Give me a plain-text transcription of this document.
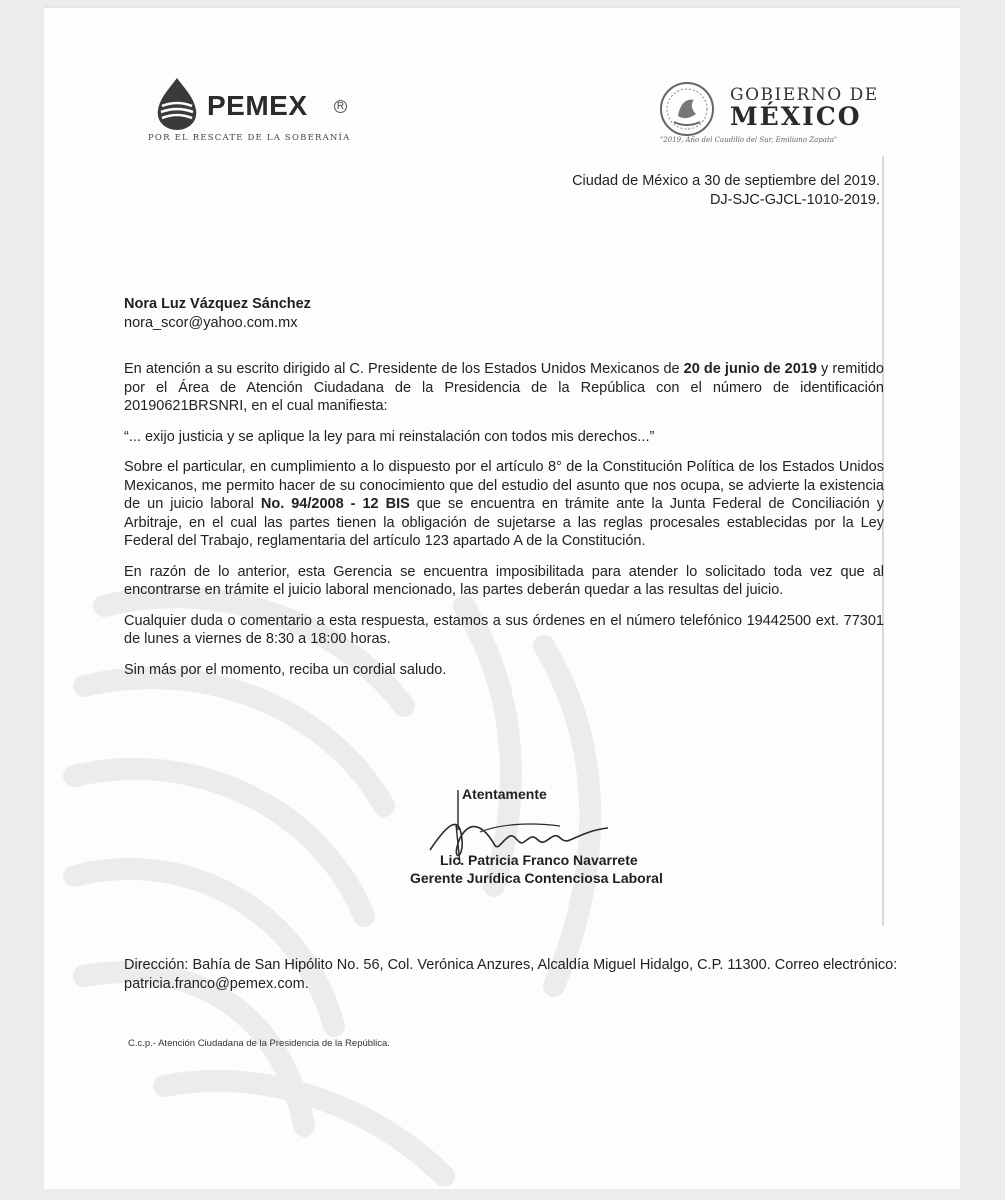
PEMEX	R
POR EL RESCATE DE LA SOBERANÍA
GOBIERNO DE
MÉXICO
"2019, Año del Caudillo del Sur, Emiliano Zapata"
Ciudad de México a 30 de septiembre del 2019.
DJ-SJC-GJCL-1010-2019.
Nora Luz Vázquez Sánchez
nora_scor@yahoo.com.mx

En atención a su escrito dirigido al C. Presidente de los Estados Unidos Mexicanos de 20 de junio de 2019 y remitido por el Área de Atención Ciudadana de la Presidencia de la República con el número de identificación 20190621BRSNRI, en el cual manifiesta:

“... exijo justicia y se aplique la ley para mi reinstalación con todos mis derechos...”

Sobre el particular, en cumplimiento a lo dispuesto por el artículo 8° de la Constitución Política de los Estados Unidos Mexicanos, me permito hacer de su conocimiento que del estudio del asunto que nos ocupa, se advierte la existencia de un juicio laboral No. 94/2008 - 12 BIS que se encuentra en trámite ante la Junta Federal de Conciliación y Arbitraje, en el cual las partes tienen la obligación de sujetarse a las reglas procesales establecidas por la Ley Federal del Trabajo, reglamentaria del artículo 123 apartado A de la Constitución.

En razón de lo anterior, esta Gerencia se encuentra imposibilitada para atender lo solicitado toda vez que al encontrarse en trámite el juicio laboral mencionado, las partes deberán quedar a las resultas del juicio.

Cualquier duda o comentario a esta respuesta, estamos a sus órdenes en el número telefónico 19442500 ext. 77301 de lunes a viernes de 8:30 a 18:00 horas.

Sin más por el momento, reciba un cordial saludo.

Atentamente
Lic. Patricia Franco Navarrete
Gerente Jurídica Contenciosa Laboral
Dirección: Bahía de San Hipólito No. 56, Col. Verónica Anzures, Alcaldía Miguel Hidalgo, C.P. 11300. Correo electrónico: patricia.franco@pemex.com.
C.c.p.- Atención Ciudadana de la Presidencia de la República.
